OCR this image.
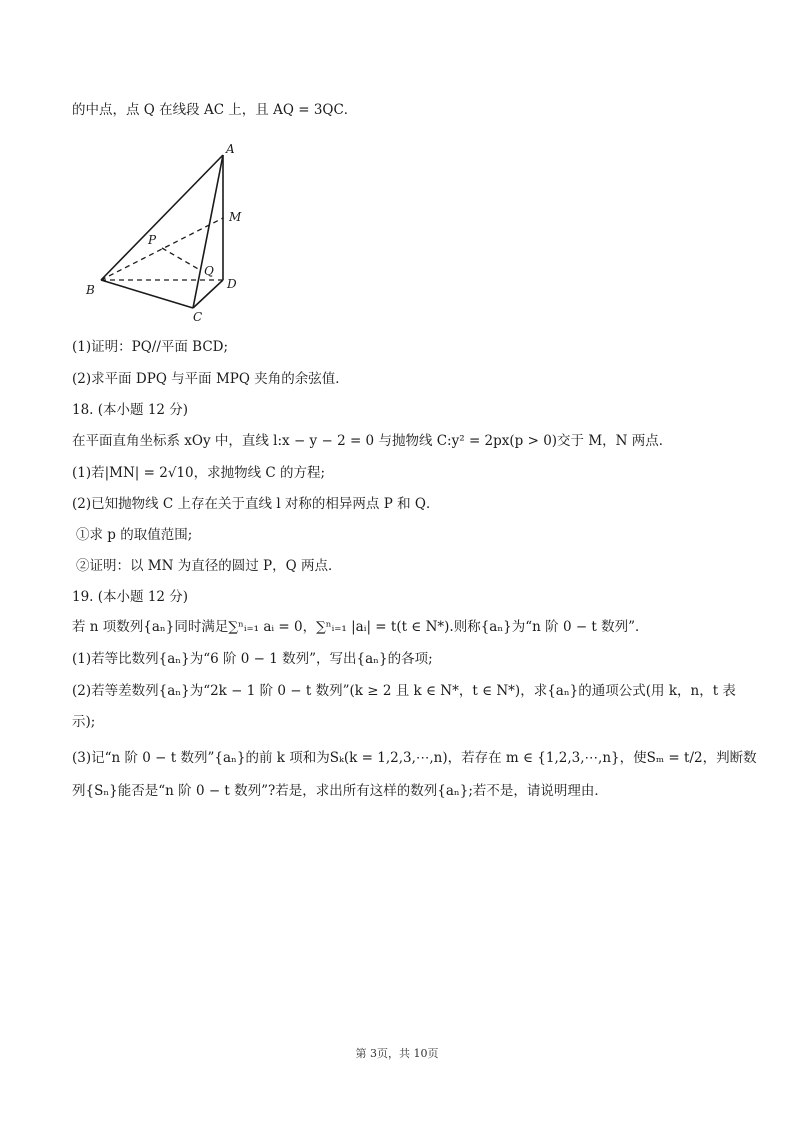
的中点，点 Q 在线段 AC 上，且 AQ = 3QC．
A
M
P
Q
B	D
C
(1)证明：PQ//平面 BCD;
(2)求平面 DPQ 与平面 MPQ 夹角的余弦值．
18. (本小题 12 分)
在平面直角坐标系 xOy 中，直线 l:x − y − 2 = 0 与抛物线 C:y² = 2px(p > 0)交于 M，N 两点．
(1)若|MN| = 2√10，求抛物线 C 的方程;
(2)已知抛物线 C 上存在关于直线 l 对称的相异两点 P 和 Q．
①求 p 的取值范围;
②证明：以 MN 为直径的圆过 P，Q 两点．
19. (本小题 12 分)
若 n 项数列{aₙ}同时满足∑ⁿᵢ₌₁ aᵢ = 0，∑ⁿᵢ₌₁ |aᵢ| = t(t ∈ N*).则称{aₙ}为“n 阶 0 − t 数列”．
(1)若等比数列{aₙ}为“6 阶 0 − 1 数列”，写出{aₙ}的各项;
(2)若等差数列{aₙ}为“2k − 1 阶 0 − t 数列”(k ≥ 2 且 k ∈ N*，t ∈ N*)，求{aₙ}的通项公式(用 k，n，t 表
示);
(3)记“n 阶 0 − t 数列”{aₙ}的前 k 项和为Sₖ(k = 1,2,3,⋯,n)，若存在 m ∈ {1,2,3,⋯,n}，使Sₘ = t/2，判断数
列{Sₙ}能否是“n 阶 0 − t 数列”?若是，求出所有这样的数列{aₙ};若不是，请说明理由．
第 3页，共 10页
